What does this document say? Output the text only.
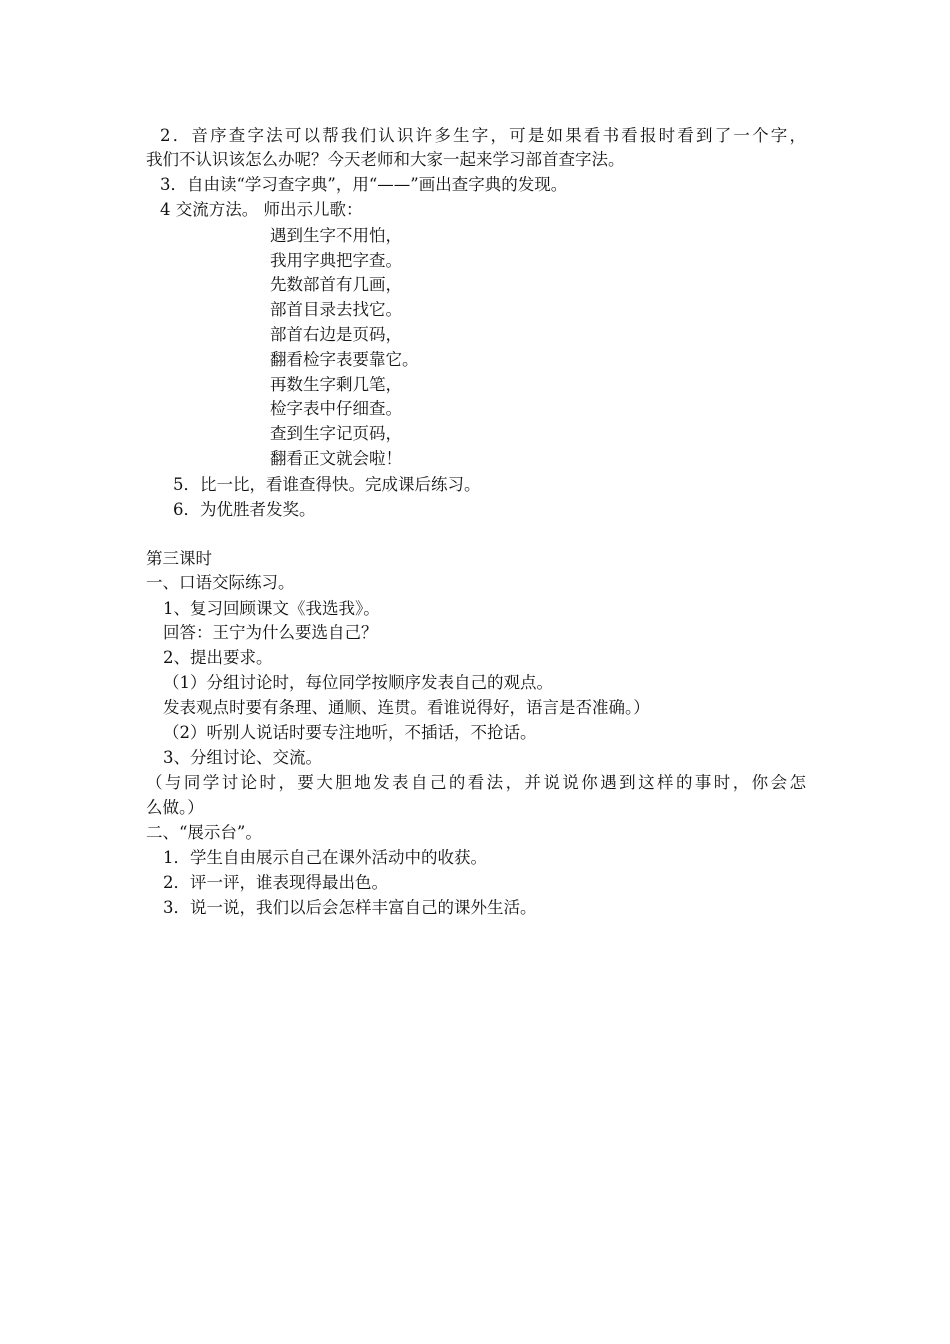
2．音序查字法可以帮我们认识许多生字，可是如果看书看报时看到了一个字，
我们不认识该怎么办呢？今天老师和大家一起来学习部首查字法。
3．自由读“学习查字典”，用“——”画出查字典的发现。
4 交流方法。 师出示儿歌：
遇到生字不用怕，
我用字典把字查。
先数部首有几画，
部首目录去找它。
部首右边是页码，
翻看检字表要靠它。
再数生字剩几笔，
检字表中仔细查。
查到生字记页码，
翻看正文就会啦！
5．比一比，看谁查得快。完成课后练习。
6．为优胜者发奖。
第三课时
一、口语交际练习。
1、复习回顾课文《我选我》。
回答：王宁为什么要选自己？
2、提出要求。
（1）分组讨论时，每位同学按顺序发表自己的观点。
发表观点时要有条理、通顺、连贯。看谁说得好，语言是否准确。）
（2）听别人说话时要专注地听，不插话，不抢话。
3、分组讨论、交流。
（与同学讨论时，要大胆地发表自己的看法，并说说你遇到这样的事时，你会怎
么做。）
二、“展示台”。
1．学生自由展示自己在课外活动中的收获。
2．评一评，谁表现得最出色。
3．说一说，我们以后会怎样丰富自己的课外生活。
